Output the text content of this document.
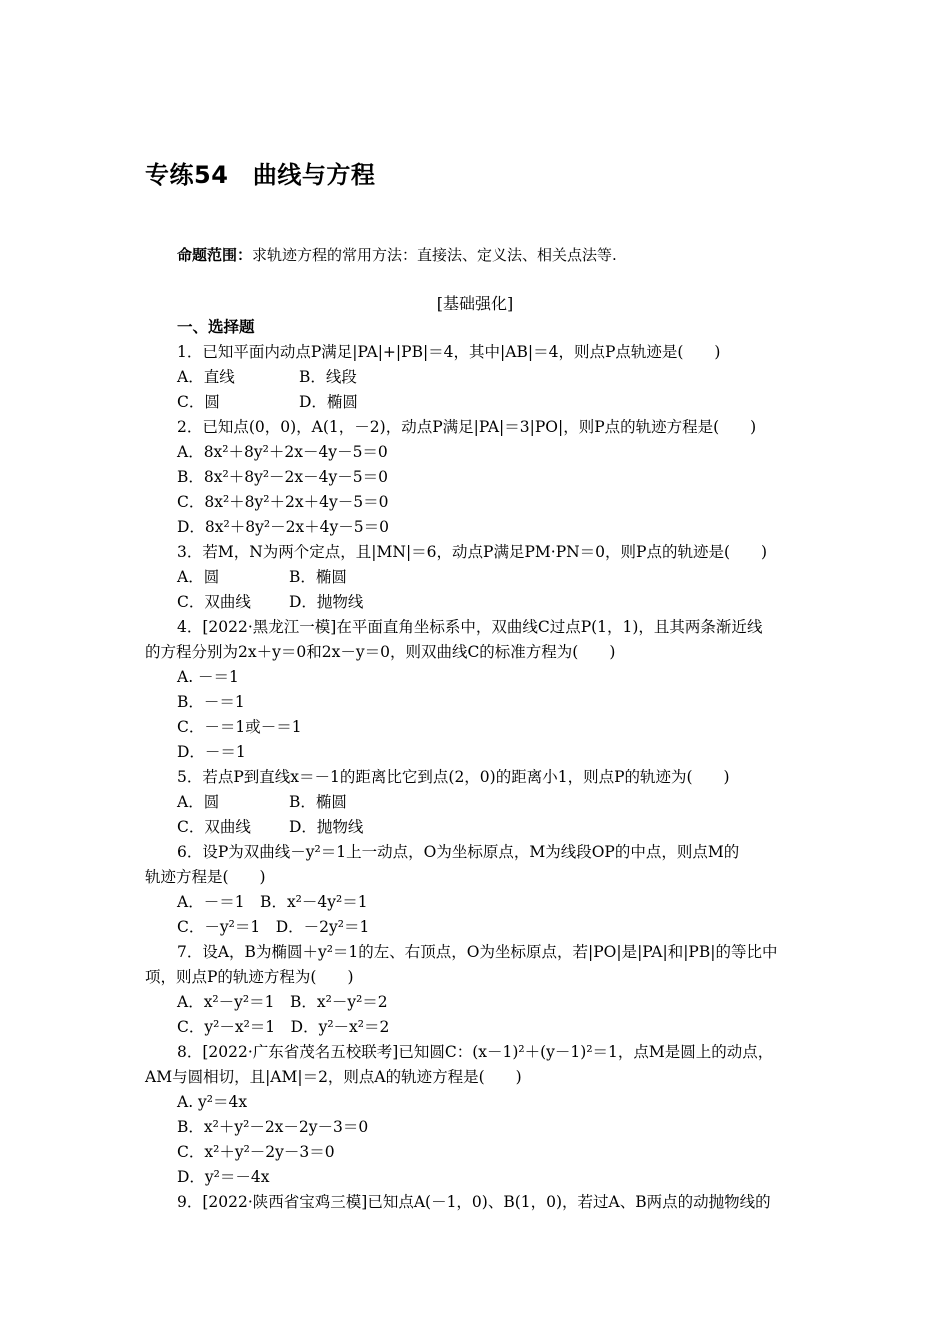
专练54　曲线与方程
命题范围：求轨迹方程的常用方法：直接法、定义法、相关点法等.
[基础强化]
一、选择题
1．已知平面内动点P满足|PA|+|PB|＝4，其中|AB|＝4，则点P点轨迹是(　　)
A．直线	B．线段
C．圆	D．椭圆
2．已知点(0，0)，A(1，－2)，动点P满足|PA|＝3|PO|，则P点的轨迹方程是(　　)
A．8x²＋8y²＋2x－4y－5＝0
B．8x²＋8y²－2x－4y－5＝0
C．8x²＋8y²＋2x＋4y－5＝0
D．8x²＋8y²－2x＋4y－5＝0
3．若M，N为两个定点，且|MN|＝6，动点P满足PM·PN＝0，则P点的轨迹是(　　)
A．圆	B．椭圆
C．双曲线 D．抛物线
4．[2022·黑龙江一模]在平面直角坐标系中，双曲线C过点P(1，1)，且其两条渐近线
的方程分别为2x＋y＝0和2x－y＝0，则双曲线C的标准方程为(　　)
A. －＝1
B．－＝1
C．－＝1或－＝1
D．－＝1
5．若点P到直线x＝－1的距离比它到点(2，0)的距离小1，则点P的轨迹为(　　)
A．圆	B．椭圆
C．双曲线 D．抛物线
6．设P为双曲线－y²＝1上一动点，O为坐标原点，M为线段OP的中点，则点M的
轨迹方程是(　　)
A．－＝1　B．x²－4y²＝1
C．－y²＝1　D．－2y²＝1
7．设A，B为椭圆＋y²＝1的左、右顶点，O为坐标原点，若|PO|是|PA|和|PB|的等比中
项，则点P的轨迹方程为(　　)
A．x²－y²＝1　B．x²－y²＝2
C．y²－x²＝1　D．y²－x²＝2
8．[2022·广东省茂名五校联考]已知圆C：(x－1)²＋(y－1)²＝1，点M是圆上的动点，
AM与圆相切，且|AM|＝2，则点A的轨迹方程是(　　)
A. y²＝4x
B．x²＋y²－2x－2y－3＝0
C．x²＋y²－2y－3＝0
D．y²＝－4x
9．[2022·陕西省宝鸡三模]已知点A(－1，0)、B(1，0)，若过A、B两点的动抛物线的
